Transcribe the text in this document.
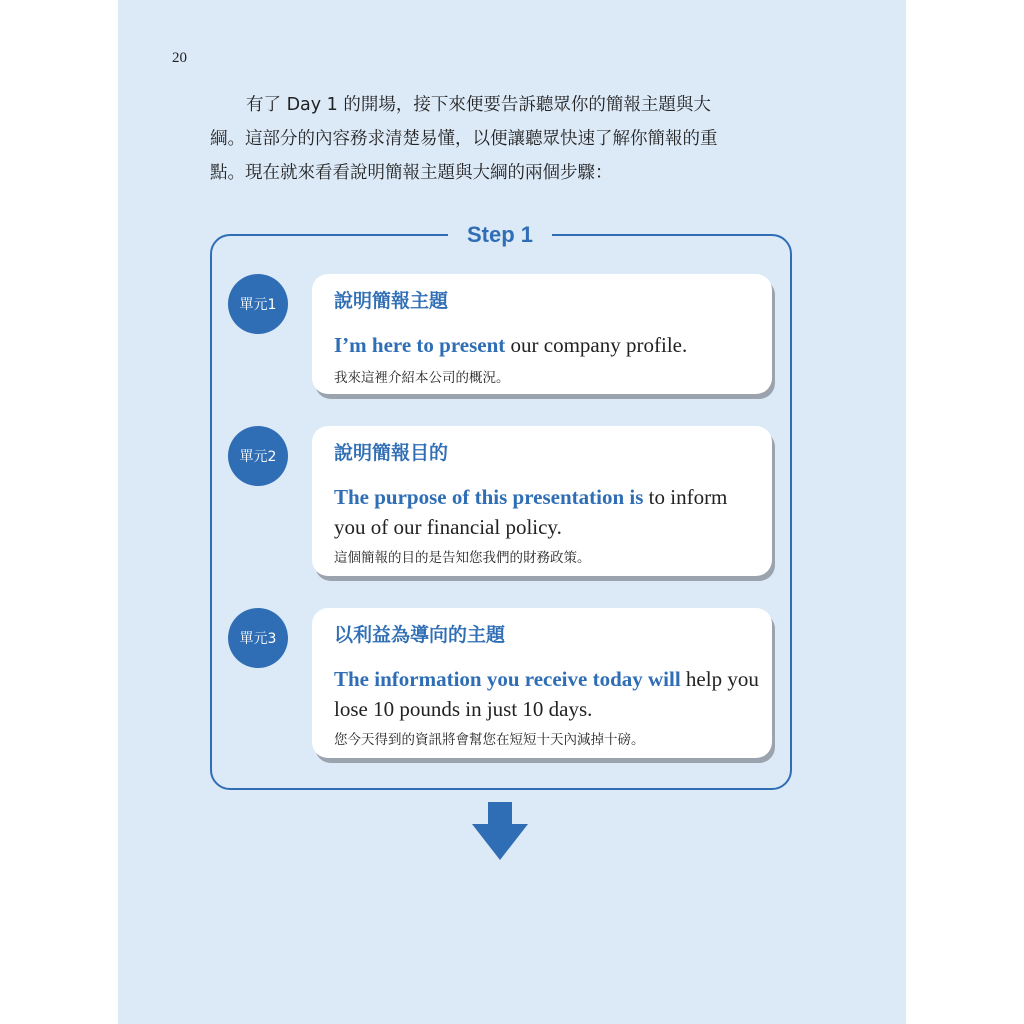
20

有了 Day 1 的開場，接下來便要告訴聽眾你的簡報主題與大
綱。這部分的內容務求清楚易懂，以便讓聽眾快速了解你簡報的重
點。現在就來看看說明簡報主題與大綱的兩個步驟：

Step 1
單元1	說明簡報主題
I’m here to present our company profile.
我來這裡介紹本公司的概況。
單元2	說明簡報目的
The purpose of this presentation is to inform you of our financial policy.
這個簡報的目的是告知您我們的財務政策。
單元3	以利益為導向的主題
The information you receive today will help you lose 10 pounds in just 10 days.
您今天得到的資訊將會幫您在短短十天內減掉十磅。
